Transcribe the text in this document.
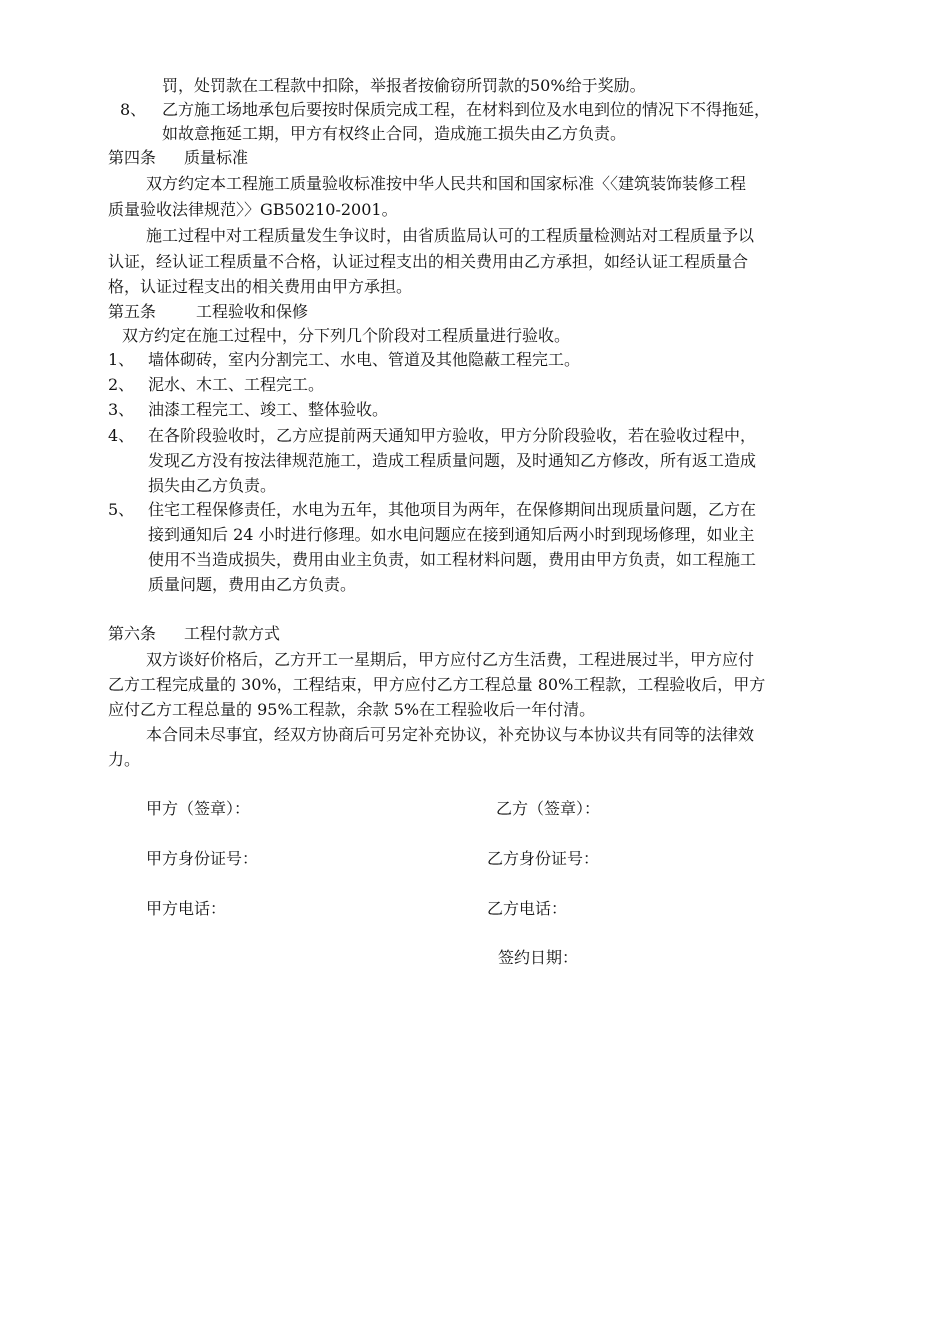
罚，处罚款在工程款中扣除，举报者按偷窃所罚款的50%给于奖励。
8、 乙方施工场地承包后要按时保质完成工程，在材料到位及水电到位的情况下不得拖延，
如故意拖延工期，甲方有权终止合同，造成施工损失由乙方负责。
第四条 质量标准
双方约定本工程施工质量验收标准按中华人民共和国和国家标准〈〈建筑装饰装修工程
质量验收法律规范〉〉GB50210-2001。
施工过程中对工程质量发生争议时，由省质监局认可的工程质量检测站对工程质量予以
认证，经认证工程质量不合格，认证过程支出的相关费用由乙方承担，如经认证工程质量合
格，认证过程支出的相关费用由甲方承担。
第五条	工程验收和保修
双方约定在施工过程中，分下列几个阶段对工程质量进行验收。
1、 墙体砌砖，室内分割完工、水电、管道及其他隐蔽工程完工。
2、 泥水、木工、工程完工。
3、 油漆工程完工、竣工、整体验收。
4、 在各阶段验收时，乙方应提前两天通知甲方验收，甲方分阶段验收，若在验收过程中，
发现乙方没有按法律规范施工，造成工程质量问题，及时通知乙方修改，所有返工造成
损失由乙方负责。
5、 住宅工程保修责任，水电为五年，其他项目为两年，在保修期间出现质量问题，乙方在
接到通知后 24 小时进行修理。如水电问题应在接到通知后两小时到现场修理，如业主
使用不当造成损失，费用由业主负责，如工程材料问题，费用由甲方负责，如工程施工
质量问题，费用由乙方负责。
第六条 工程付款方式
双方谈好价格后，乙方开工一星期后，甲方应付乙方生活费，工程进展过半，甲方应付
乙方工程完成量的 30%，工程结束，甲方应付乙方工程总量 80%工程款，工程验收后，甲方
应付乙方工程总量的 95%工程款，余款 5%在工程验收后一年付清。
本合同未尽事宜，经双方协商后可另定补充协议，补充协议与本协议共有同等的法律效
力。
甲方（签章）：	乙方（签章）：
甲方身份证号：	乙方身份证号：
甲方电话：	乙方电话：
签约日期：
